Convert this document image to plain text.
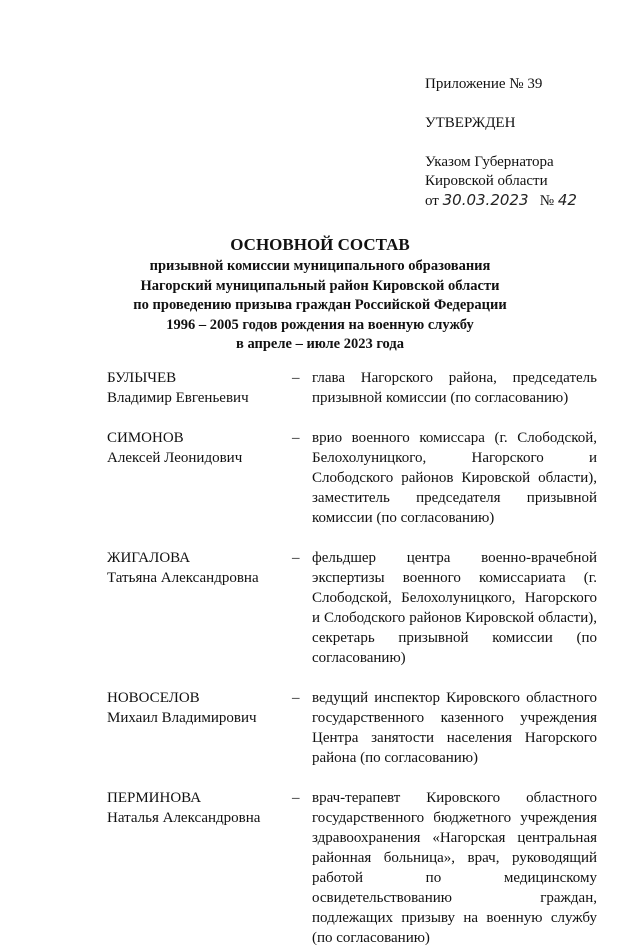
Приложение № 39
УТВЕРЖДЕН
Указом Губернатора
Кировской области
от 30.03.2023 № 42
ОСНОВНОЙ СОСТАВ
призывной комиссии муниципального образования
Нагорский муниципальный район Кировской области
по проведению призыва граждан Российской Федерации
1996 – 2005 годов рождения на военную службу
в апреле – июле 2023 года
БУЛЫЧЕВ
Владимир Евгеньевич
– глава Нагорского района, председатель призывной комиссии (по согласованию)
СИМОНОВ
Алексей Леонидович
– врио военного комиссара (г. Слободской, Белохолуницкого, Нагорского и Слободского районов Кировской области), заместитель председателя призывной комиссии (по согласованию)
ЖИГАЛОВА
Татьяна Александровна
– фельдшер центра военно-врачебной экспертизы военного комиссариата (г. Слободской, Белохолуницкого, Нагорского и Слободского районов Кировской области), секретарь призывной комиссии (по согласованию)
НОВОСЕЛОВ
Михаил Владимирович
– ведущий инспектор Кировского областного государственного казенного учреждения Центра занятости населения Нагорского района (по согласованию)
ПЕРМИНОВА
Наталья Александровна
– врач-терапевт Кировского областного государственного бюджетного учреждения здравоохранения «Нагорская центральная районная больница», врач, руководящий работой по медицинскому освидетельствованию граждан, подлежащих призыву на военную службу (по согласованию)
